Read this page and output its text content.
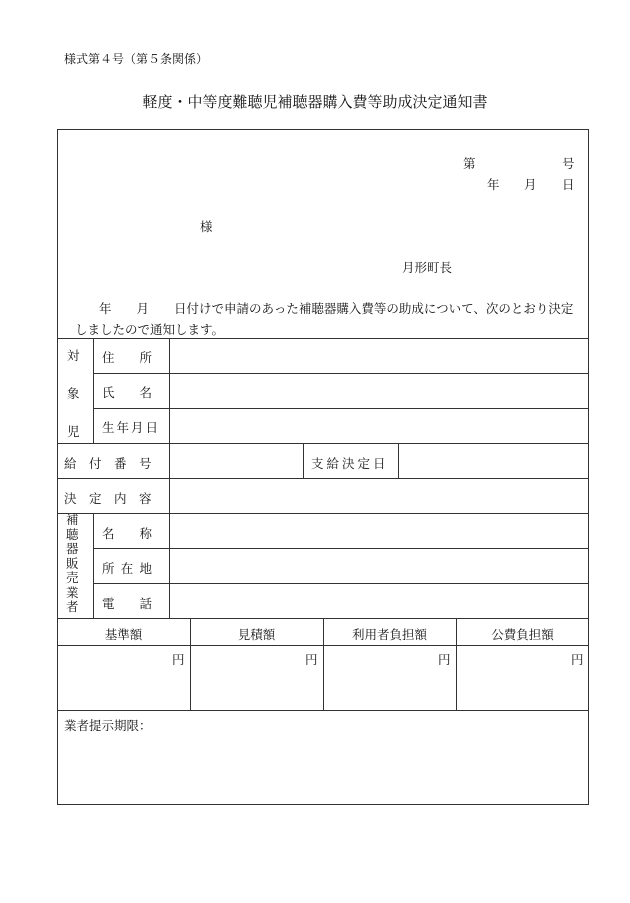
様式第４号（第５条関係）
軽度・中等度難聴児補聴器購入費等助成決定通知書
第	号
年 月 日
様
月形町長
年　　月　　日付けで申請のあった補聴器購入費等の助成について、次のとおり決定
しましたので通知します。
対
象
児
住　　所
氏　　名
生年月日
給　付　番　号	支給決定日
決　定　内　容
補聴器販売業者
名　　称
所在地
電　　話
基準額	見積額	利用者負担額	公費負担額
円	円	円	円
業者提示期限：
